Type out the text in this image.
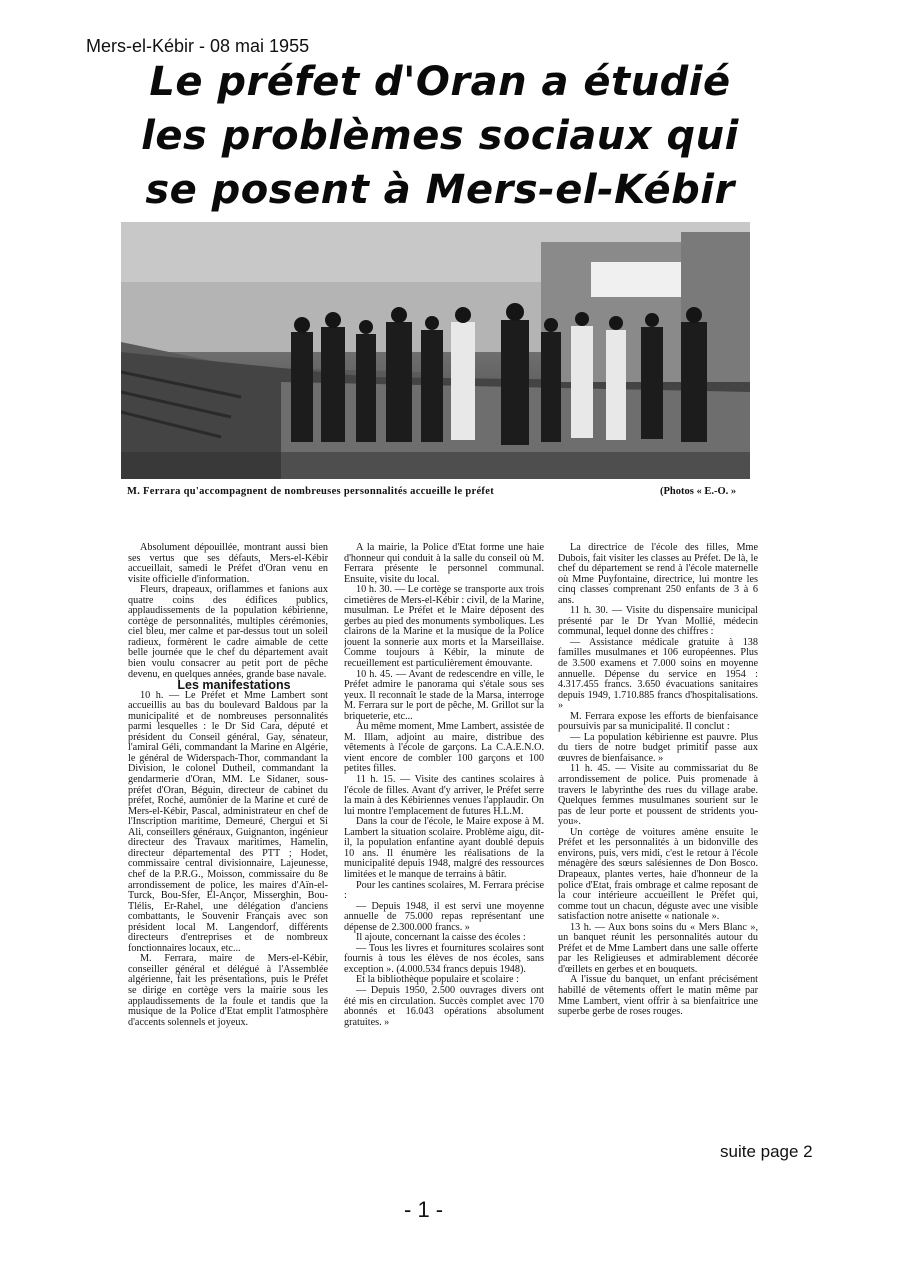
Mers-el-Kébir - 08 mai 1955
Le préfet d'Oran a étudié
les problèmes sociaux qui
se posent à Mers-el-Kébir
M. Ferrara qu'accompagnent de nombreuses personnalités accueille le préfet	(Photos « E.-O. »

Absolument dépouillée, montrant aussi bien ses vertus que ses défauts, Mers-el-Kébir accueillait, samedi le Préfet d'Oran venu en visite officielle d'information.

Fleurs, drapeaux, oriflammes et fanions aux quatre coins des édifices publics, applaudissements de la population kébirienne, cortège de personnalités, multiples cérémonies, ciel bleu, mer calme et par-dessus tout un soleil radieux, formèrent le cadre aimable de cette belle journée que le chef du département avait bien voulu consacrer au petit port de pêche devenu, en quelques années, grande base navale.

Les manifestations

10 h. — Le Préfet et Mme Lambert sont accueillis au bas du boulevard Baldous par la municipalité et de nombreuses personnalités parmi lesquelles : le Dr Sid Cara, député et président du Conseil général, Gay, sénateur, l'amiral Géli, commandant la Marine en Algérie, le général de Widerspach-Thor, commandant la Division, le colonel Dutheil, commandant la gendarmerie d'Oran, MM. Le Sidaner, sous-préfet d'Oran, Béguin, directeur de cabinet du préfet, Roché, aumônier de la Marine et curé de Mers-el-Kébir, Pascal, administrateur en chef de l'Inscription maritime, Demeuré, Chergui et Si Ali, conseillers généraux, Guignanton, ingénieur directeur des Travaux maritimes, Hamelin, directeur départemental des PTT ; Hodet, commissaire central divisionnaire, Lajeunesse, chef de la P.R.G., Moisson, commissaire du 8e arrondissement de police, les maires d'Aïn-el-Turck, Bou-Sfer, El-Ançor, Misserghin, Bou-Tlélis, Er-Rahel, une délégation d'anciens combattants, le Souvenir Français avec son président local M. Langendorf, différents directeurs d'entreprises et de nombreux fonctionnaires locaux, etc...

M. Ferrara, maire de Mers-el-Kébir, conseiller général et délégué à l'Assemblée algérienne, fait les présentations, puis le Préfet se dirige en cortège vers la mairie sous les applaudissements de la foule et tandis que la musique de la Police d'Etat emplit l'atmosphère d'accents solennels et joyeux.

A la mairie, la Police d'Etat forme une haie d'honneur qui conduit à la salle du conseil où M. Ferrara présente le personnel communal. Ensuite, visite du local.

10 h. 30. — Le cortège se transporte aux trois cimetières de Mers-el-Kébir : civil, de la Marine, musulman. Le Préfet et le Maire déposent des gerbes au pied des monuments symboliques. Les clairons de la Marine et la musique de la Police jouent la sonnerie aux morts et la Marseillaise. Comme toujours à Kébir, la minute de recueillement est particulièrement émouvante.

10 h. 45. — Avant de redescendre en ville, le Préfet admire le panorama qui s'étale sous ses yeux. Il reconnaît le stade de la Marsa, interroge M. Ferrara sur le port de pêche, M. Grillot sur la briqueterie, etc...

Au même moment, Mme Lambert, assistée de M. Illam, adjoint au maire, distribue des vêtements à l'école de garçons. La C.A.E.N.O. vient encore de combler 100 garçons et 100 petites filles.

11 h. 15. — Visite des cantines scolaires à l'école de filles. Avant d'y arriver, le Préfet serre la main à des Kébiriennes venues l'applaudir. On lui montre l'emplacement de futures H.L.M.

Dans la cour de l'école, le Maire expose à M. Lambert la situation scolaire. Problème aigu, dit-il, la population enfantine ayant doublé depuis 10 ans. Il énumère les réalisations de la municipalité depuis 1948, malgré des ressources limitées et le manque de terrains à bâtir.

Pour les cantines scolaires, M. Ferrara précise :

— Depuis 1948, il est servi une moyenne annuelle de 75.000 repas représentant une dépense de 2.300.000 francs. »

Il ajoute, concernant la caisse des écoles :

— Tous les livres et fournitures scolaires sont fournis à tous les élèves de nos écoles, sans exception ». (4.000.534 francs depuis 1948).

Et la bibliothèque populaire et scolaire :

— Depuis 1950, 2.500 ouvrages divers ont été mis en circulation. Succès complet avec 170 abonnés et 16.043 opérations absolument gratuites. »

La directrice de l'école des filles, Mme Dubois, fait visiter les classes au Préfet. De là, le chef du département se rend à l'école maternelle où Mme Puyfontaine, directrice, lui montre les cinq classes comprenant 250 enfants de 3 à 6 ans.

11 h. 30. — Visite du dispensaire municipal présenté par le Dr Yvan Mollié, médecin communal, lequel donne des chiffres :

— Assistance médicale gratuite à 138 familles musulmanes et 106 européennes. Plus de 3.500 examens et 7.000 soins en moyenne annuelle. Dépense du service en 1954 : 4.317.455 francs. 3.650 évacuations sanitaires depuis 1949, 1.710.885 francs d'hospitalisations. »

M. Ferrara expose les efforts de bienfaisance poursuivis par sa municipalité. Il conclut :

— La population kébirienne est pauvre. Plus du tiers de notre budget primitif passe aux œuvres de bienfaisance. »

11 h. 45. — Visite au commissariat du 8e arrondissement de police. Puis promenade à travers le labyrinthe des rues du village arabe. Quelques femmes musulmanes sourient sur le pas de leur porte et poussent de stridents you-you».

Un cortège de voitures amène ensuite le Préfet et les personnalités à un bidonville des environs, puis, vers midi, c'est le retour à l'école ménagère des sœurs salésiennes de Don Bosco. Drapeaux, plantes vertes, haie d'honneur de la police d'Etat, frais ombrage et calme reposant de la cour intérieure accueillent le Préfet qui, comme tout un chacun, déguste avec une visible satisfaction notre anisette « nationale ».

13 h. — Aux bons soins du « Mers Blanc », un banquet réunit les personnalités autour du Préfet et de Mme Lambert dans une salle offerte par les Religieuses et admirablement décorée d'œillets en gerbes et en bouquets.

A l'issue du banquet, un enfant précisément habillé de vêtements offert le matin même par Mme Lambert, vient offrir à sa bienfaitrice une superbe gerbe de roses rouges.

suite page 2
- 1 -
